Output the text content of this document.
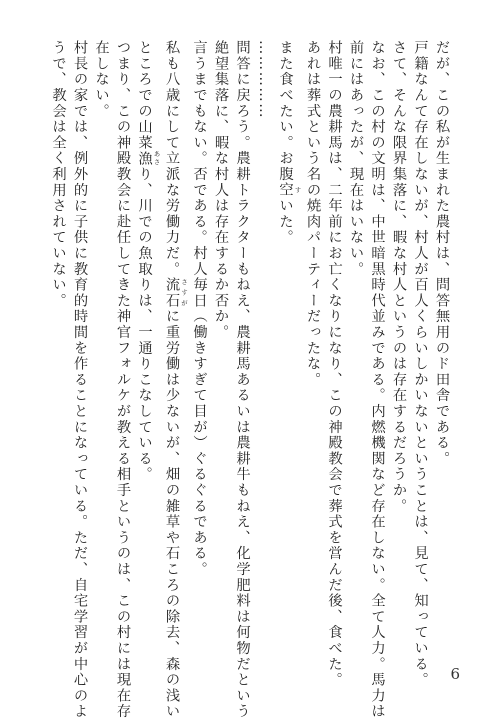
だが、この私が生まれた農村は、問答無用のド田舎である。
戸籍なんて存在しないが、村人が百人くらいしかいないということは、見て、知っている。
さて、そんな限界集落に、暇な村人というのは存在するだろうか。
なお、この村の文明は、中世暗黒時代並みである。内燃機関など存在しない。全て人力。馬力は
前にはあったが、現在はいない。
村唯一の農耕馬は、二年前にお亡くなりになり、この神殿教会で葬式を営んだ後、食べた。
あれは葬式という名の焼肉パーティーだったな。
また食べたい。お腹空 すいた。
……………
問答に戻ろう。農耕トラクターもねえ、農耕馬あるいは農耕牛もねえ、化学肥料は何物だという
絶望集落に、暇な村人は存在するか否か。
言うまでもない。否である。村人毎日（働きすぎて目が）ぐるぐるである。
私も八歳にして立派な労働力だ。流石 さすがに重労働は少ないが、畑の雑草や石ころの除去、森の浅い
ところでの山菜漁 あさり、川での魚取りは、一通りこなしている。
つまり、この神殿教会に赴任してきた神官フォルケが教える相手というのは、この村には現在存
在しない。
村長の家では、例外的に子供に教育的時間を作ることになっている。ただ、自宅学習が中心のよ
うで、教会は全く利用されていない。
6
